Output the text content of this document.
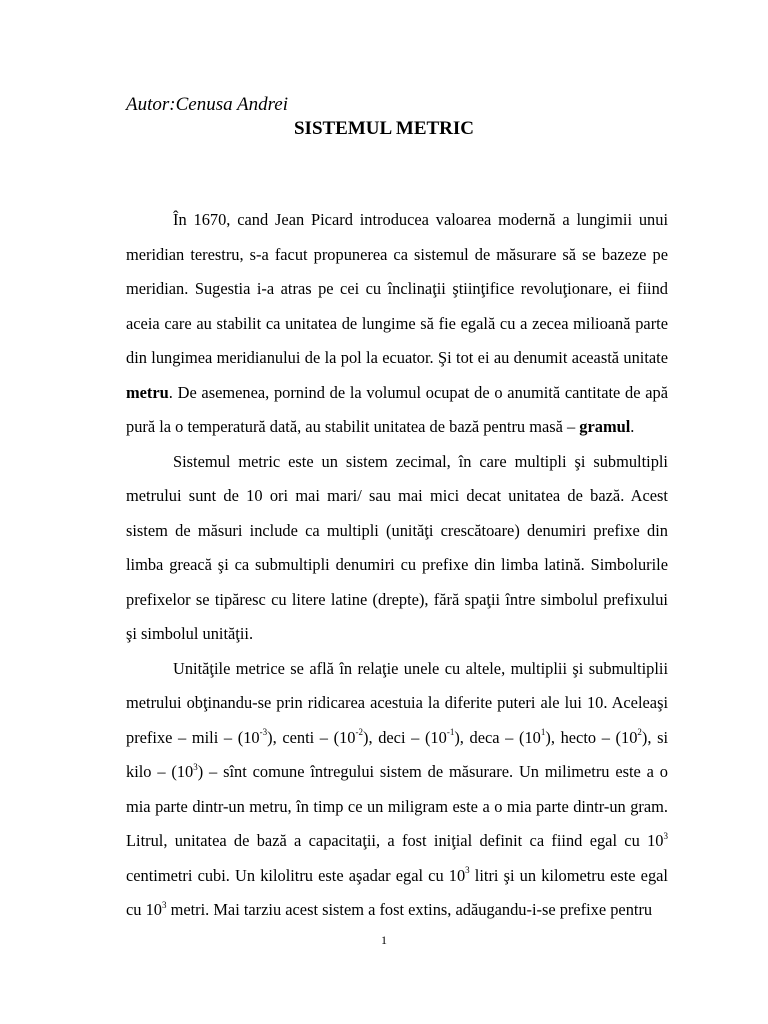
Autor:Cenusa Andrei

SISTEMUL METRIC

În 1670, cand Jean Picard introducea valoarea modernă a lungimii unui meridian terestru, s-a facut propunerea ca sistemul de măsurare să se bazeze pe meridian. Sugestia i-a atras pe cei cu înclinaţii ştiinţifice revoluţionare, ei fiind aceia care au stabilit ca unitatea de lungime să fie egală cu a zecea milioană parte din lungimea meridianului de la pol la ecuator. Şi tot ei au denumit această unitate metru. De asemenea, pornind de la volumul ocupat de o anumită cantitate de apă pură la o temperatură dată, au stabilit unitatea de bază pentru masă – gramul.

Sistemul metric este un sistem zecimal, în care multipli şi submultipli metrului sunt de 10 ori mai mari/ sau mai mici decat unitatea de bază. Acest sistem de măsuri include ca multipli (unităţi crescătoare) denumiri prefixe din limba greacă şi ca submultipli denumiri cu prefixe din limba latină. Simbolurile prefixelor se tipăresc cu litere latine (drepte), fără spaţii între simbolul prefixului şi simbolul unităţii.

Unităţile metrice se află în relaţie unele cu altele, multiplii şi submultiplii metrului obţinandu-se prin ridicarea acestuia la diferite puteri ale lui 10. Aceleaşi prefixe – mili – $(10^{-3})$, centi – $(10^{-2})$, deci – $(10^{-1})$, deca – $(10^1)$, hecto – $(10^2)$, si kilo – $(10^3)$ – sînt comune întregului sistem de măsurare. Un milimetru este a o mia parte dintr-un metru, în timp ce un miligram este a o mia parte dintr-un gram. Litrul, unitatea de bază a capacitaţii, a fost iniţial definit ca fiind egal cu $10^3$ centimetri cubi. Un kilolitru este aşadar egal cu $10^3$ litri şi un kilometru este egal cu $10^3$ metri. Mai tarziu acest sistem a fost extins, adăugandu-i-se prefixe pentru

1
